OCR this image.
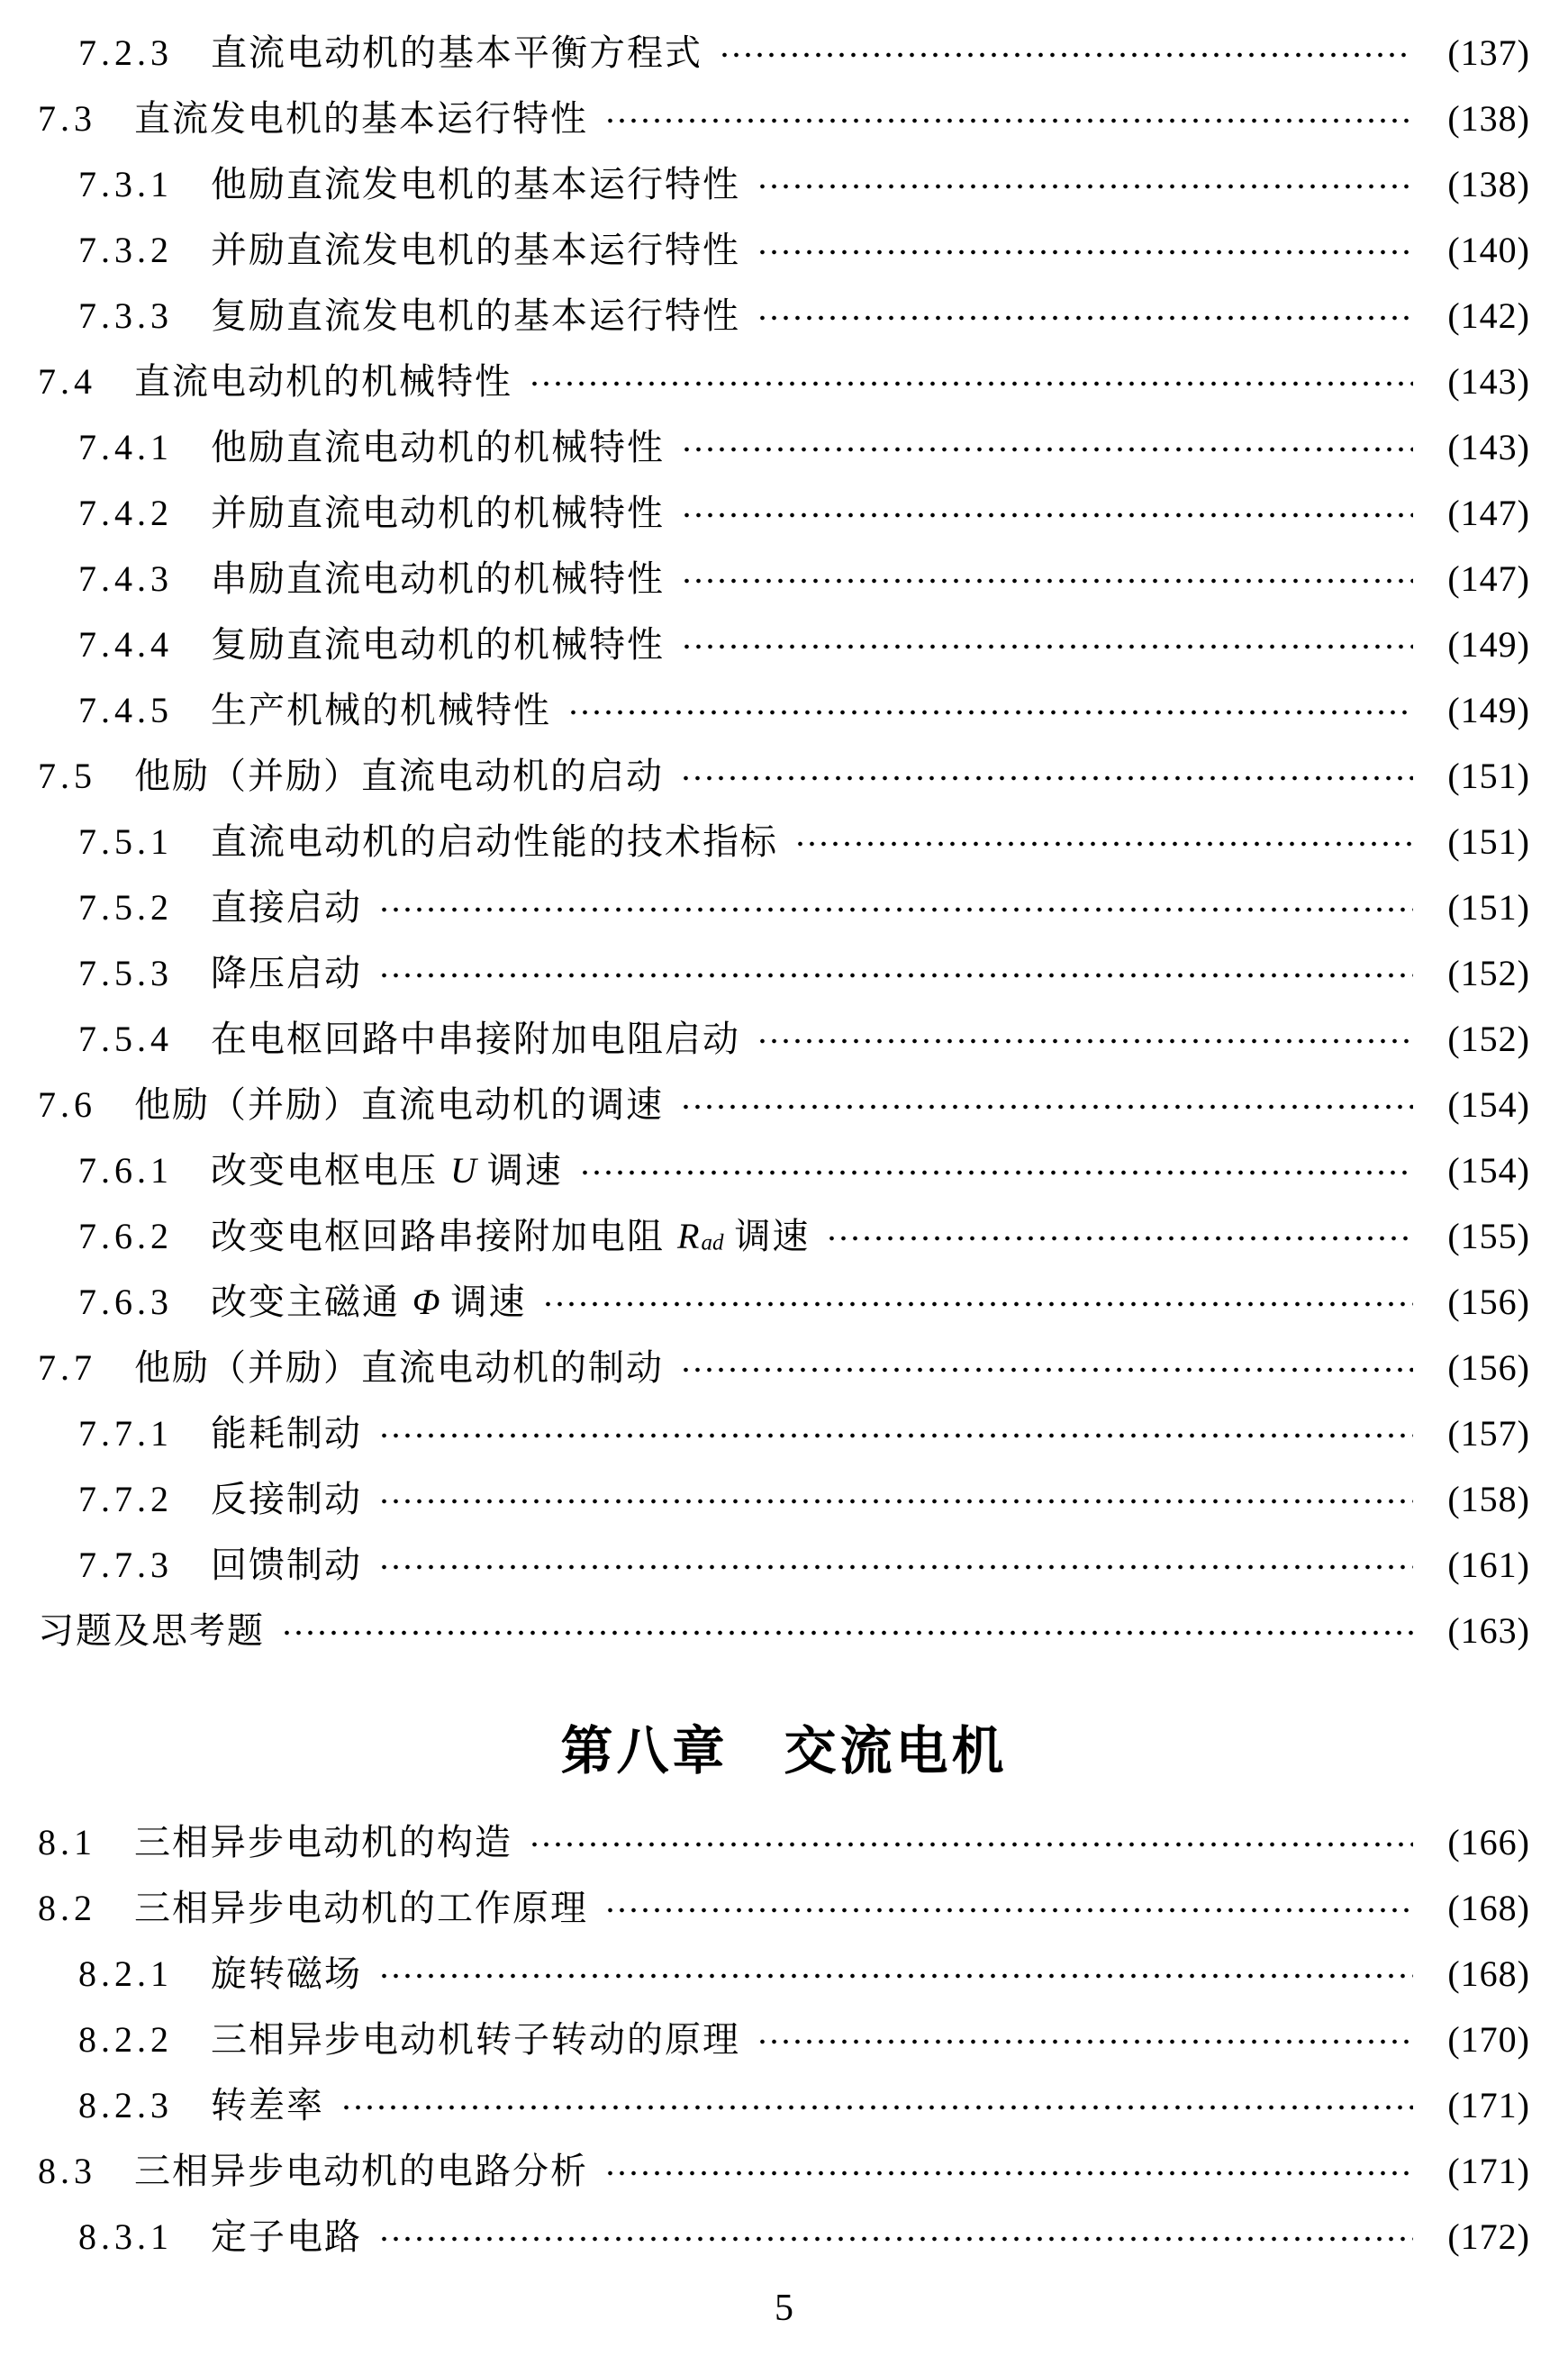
7.2.3 直流电动机的基本平衡方程式	(137)
7.3 直流发电机的基本运行特性	(138)
7.3.1 他励直流发电机的基本运行特性	(138)
7.3.2 并励直流发电机的基本运行特性	(140)
7.3.3 复励直流发电机的基本运行特性	(142)
7.4 直流电动机的机械特性	(143)
7.4.1 他励直流电动机的机械特性	(143)
7.4.2 并励直流电动机的机械特性	(147)
7.4.3 串励直流电动机的机械特性	(147)
7.4.4 复励直流电动机的机械特性	(149)
7.4.5 生产机械的机械特性	(149)
7.5 他励（并励）直流电动机的启动	(151)
7.5.1 直流电动机的启动性能的技术指标	(151)
7.5.2 直接启动	(151)
7.5.3 降压启动	(152)
7.5.4 在电枢回路中串接附加电阻启动	(152)
7.6 他励（并励）直流电动机的调速	(154)
7.6.1 改变电枢电压 U 调速	(154)
7.6.2 改变电枢回路串接附加电阻 R ad 调速	(155)
7.6.3 改变主磁通 Φ 调速	(156)
7.7 他励（并励）直流电动机的制动	(156)
7.7.1 能耗制动	(157)
7.7.2 反接制动	(158)
7.7.3 回馈制动	(161)
习题及思考题	(163)
第八章　交流电机
8.1 三相异步电动机的构造	(166)
8.2 三相异步电动机的工作原理	(168)
8.2.1 旋转磁场	(168)
8.2.2 三相异步电动机转子转动的原理	(170)
8.2.3 转差率	(171)
8.3 三相异步电动机的电路分析	(171)
8.3.1 定子电路	(172)
5
